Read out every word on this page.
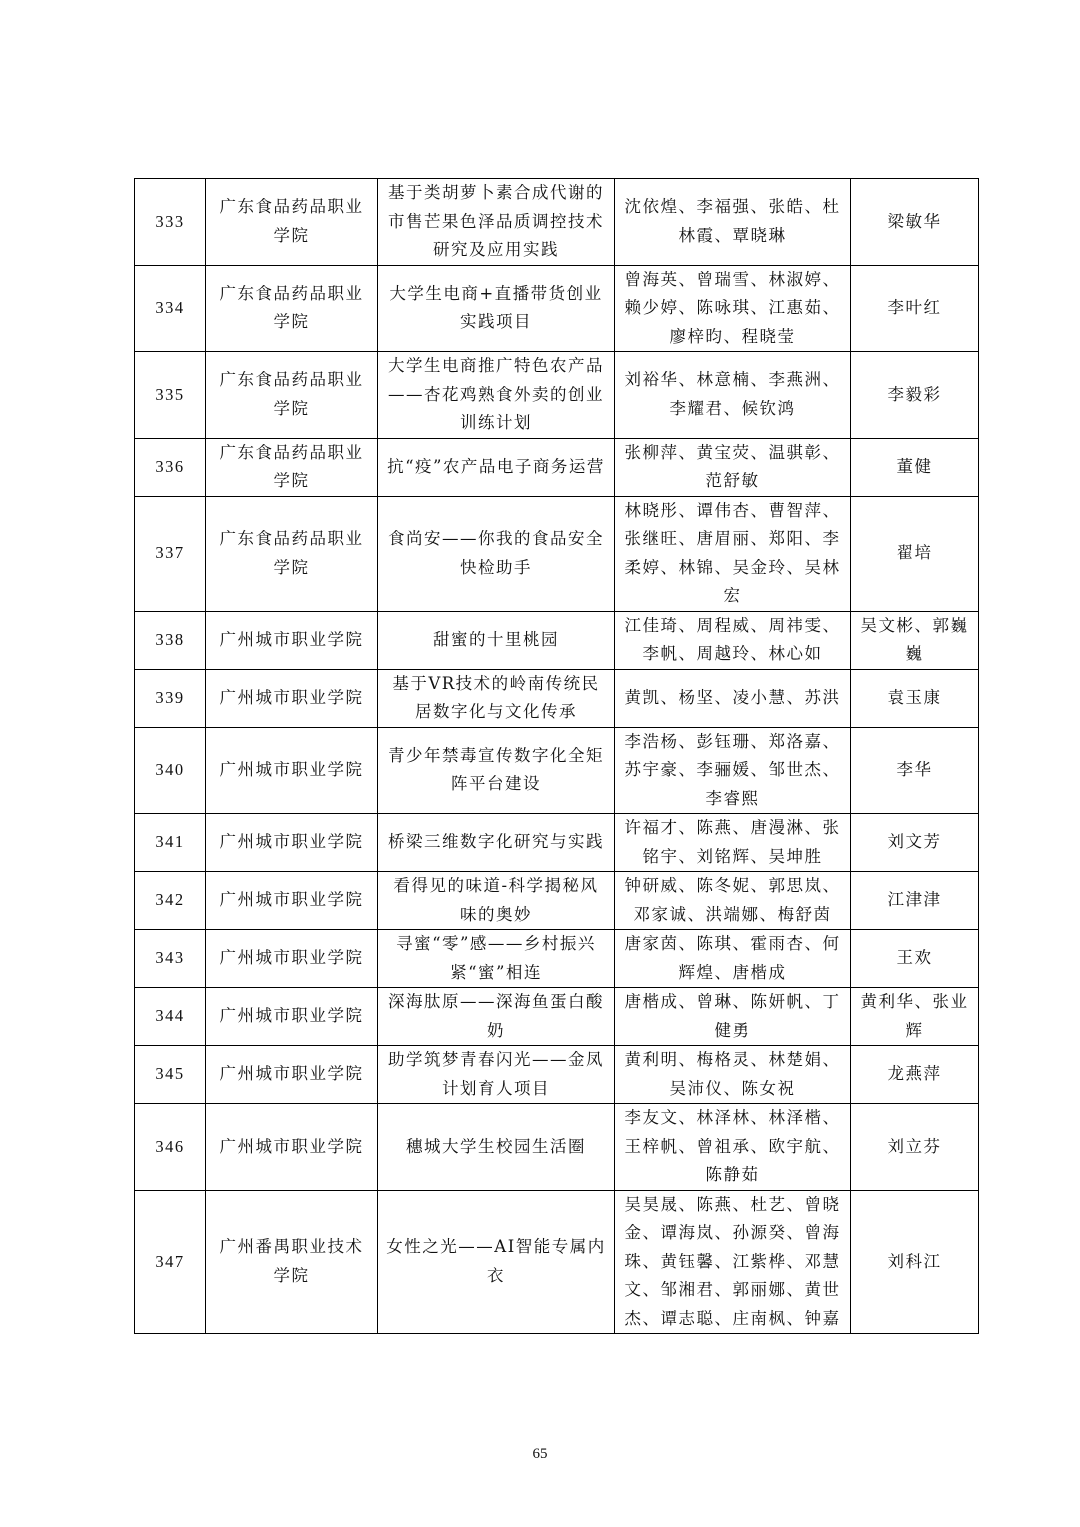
333	广东食品药品职业学院	基于类胡萝卜素合成代谢的市售芒果色泽品质调控技术研究及应用实践	沈依煌、李福强、张皓、杜林霞、覃晓琳	梁敏华
334	广东食品药品职业学院	大学生电商+直播带货创业实践项目	曾海英、曾瑞雪、林淑婷、赖少婷、陈咏琪、江惠茹、廖梓昀、程晓莹	李叶红
335	广东食品药品职业学院	大学生电商推广特色农产品——杏花鸡熟食外卖的创业训练计划	刘裕华、林意楠、李燕洲、李耀君、候钦鸿	李毅彩
336	广东食品药品职业学院	抗“疫”农产品电子商务运营	张柳萍、黄宝荧、温骐彰、范舒敏	董健
337	广东食品药品职业学院	食尚安——你我的食品安全快检助手	林晓彤、谭伟杏、曹智萍、张继旺、唐眉丽、郑阳、李柔婷、林锦、吴金玲、吴林宏	翟培
338	广州城市职业学院	甜蜜的十里桃园	江佳琦、周程威、周祎雯、李帆、周越玲、林心如	吴文彬、郭巍巍
339	广州城市职业学院	基于VR技术的岭南传统民居数字化与文化传承	黄凯、杨坚、凌小慧、苏洪	袁玉康
340	广州城市职业学院	青少年禁毒宣传数字化全矩阵平台建设	李浩杨、彭钰珊、郑洛嘉、苏宇豪、李骊媛、邹世杰、李睿熙	李华
341	广州城市职业学院	桥梁三维数字化研究与实践	许福才、陈燕、唐漫淋、张铭宇、刘铭辉、吴坤胜	刘文芳
342	广州城市职业学院	看得见的味道-科学揭秘风味的奥妙	钟研威、陈冬妮、郭思岚、邓家诚、洪端娜、梅舒茵	江津津
343	广州城市职业学院	寻蜜“零”感——乡村振兴紧“蜜”相连	唐家茵、陈琪、霍雨杏、何辉煌、唐楷成	王欢
344	广州城市职业学院	深海肽原——深海鱼蛋白酸奶	唐楷成、曾琳、陈妍帆、丁健勇	黄利华、张业辉
345	广州城市职业学院	助学筑梦青春闪光——金凤计划育人项目	黄利明、梅格灵、林楚娟、吴沛仪、陈女祝	龙燕萍
346	广州城市职业学院	穗城大学生校园生活圈	李友文、林泽林、林泽楷、王梓帆、曾祖承、欧宇航、陈静茹	刘立芬
347	广州番禺职业技术学院	女性之光——AI智能专属内衣	吴昊晟、陈燕、杜艺、曾晓金、谭海岚、孙源癸、曾海珠、黄钰馨、江紫桦、邓慧文、邹湘君、郭丽娜、黄世杰、谭志聪、庄南枫、钟嘉	刘科江
65
